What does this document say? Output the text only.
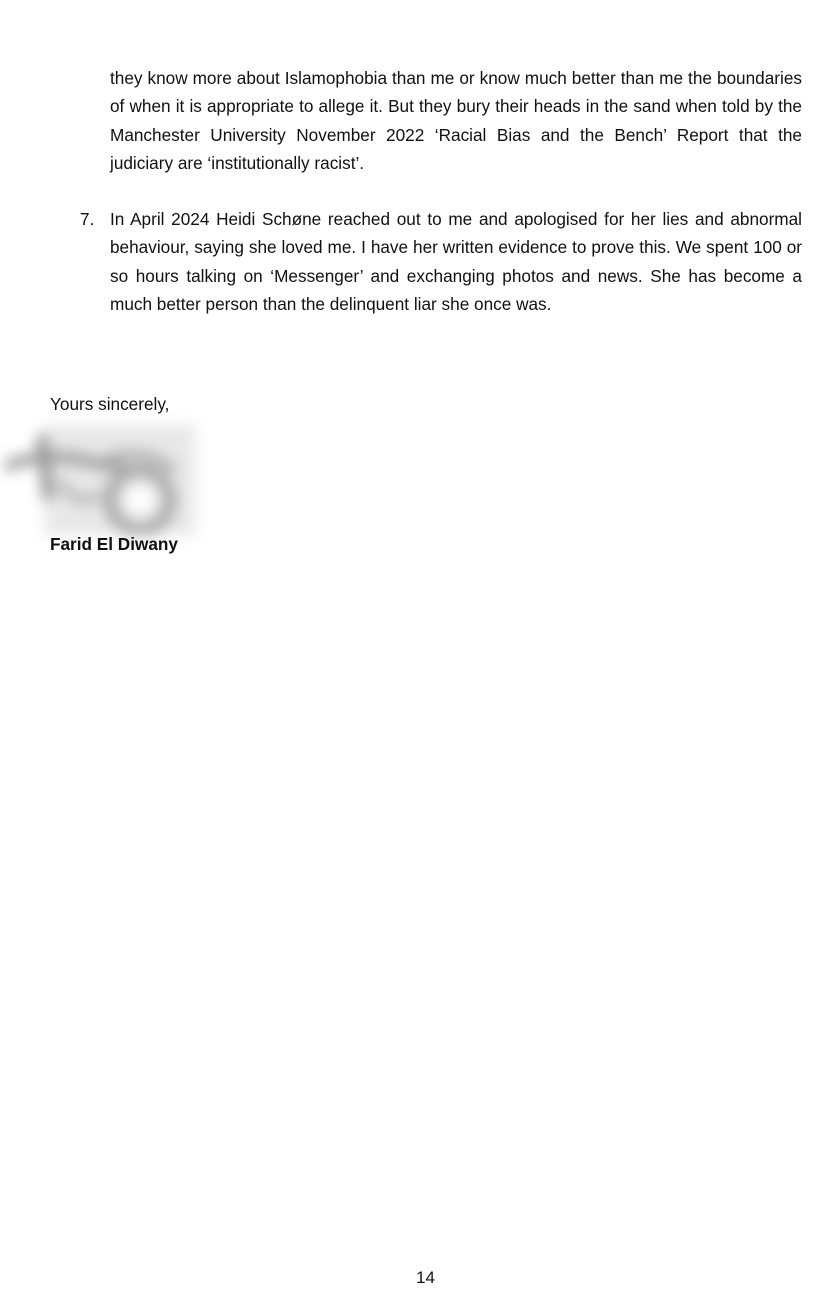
they know more about Islamophobia than me or know much better than me the boundaries of when it is appropriate to allege it. But they bury their heads in the sand when told by the Manchester University November 2022 ‘Racial Bias and the Bench’ Report that the judiciary are ‘institutionally racist’.

7. In April 2024 Heidi Schøne reached out to me and apologised for her lies and abnormal behaviour, saying she loved me. I have her written evidence to prove this. We spent 100 or so hours talking on ‘Messenger’ and exchanging photos and news. She has become a much better person than the delinquent liar she once was.

Yours sincerely,
Farid El Diwany
14
